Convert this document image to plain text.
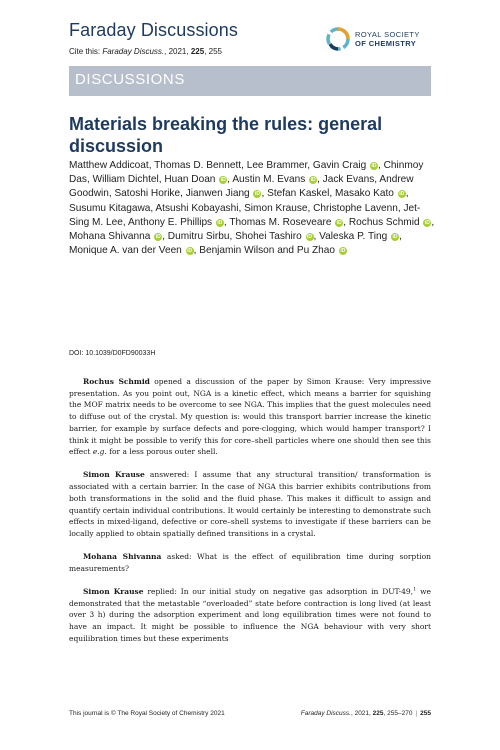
Faraday Discussions
Cite this: Faraday Discuss., 2021, 225, 255
ROYAL SOCIETY
OF CHEMISTRY
DISCUSSIONS
Materials breaking the rules: general discussion
Matthew Addicoat, Thomas D. Bennett, Lee Brammer, Gavin Craig iD , Chinmoy Das, William Dichtel, Huan Doan iD , Austin M. Evans iD , Jack Evans, Andrew Goodwin, Satoshi Horike, Jianwen Jiang iD , Stefan Kaskel, Masako Kato iD , Susumu Kitagawa, Atsushi Kobayashi, Simon Krause, Christophe Lavenn, Jet-Sing M. Lee, Anthony E. Phillips iD , Thomas M. Roseveare iD , Rochus Schmid iD , Mohana Shivanna iD , Dumitru Sirbu, Shohei Tashiro iD , Valeska P. Ting iD , Monique A. van der Veen iD , Benjamin Wilson and Pu Zhao iD
DOI: 10.1039/D0FD90033H

Rochus Schmid opened a discussion of the paper by Simon Krause: Very impressive presentation. As you point out, NGA is a kinetic effect, which means a barrier for squishing the MOF matrix needs to be overcome to see NGA. This implies that the guest molecules need to diffuse out of the crystal. My question is: would this transport barrier increase the kinetic barrier, for example by surface defects and pore-clogging, which would hamper transport? I think it might be possible to verify this for core–shell particles where one should then see this effect e.g. for a less porous outer shell.

Simon Krause answered: I assume that any structural transition/ transformation is associated with a certain barrier. In the case of NGA this barrier exhibits contributions from both transformations in the solid and the fluid phase. This makes it difficult to assign and quantify certain individual contributions. It would certainly be interesting to demonstrate such effects in mixed-ligand, defective or core–shell systems to investigate if these barriers can be locally applied to obtain spatially defined transitions in a crystal.

Mohana Shivanna asked: What is the effect of equilibration time during sorption measurements?

Simon Krause replied: In our initial study on negative gas adsorption in DUT-49,$^1$ we demonstrated that the metastable “overloaded” state before contraction is long lived (at least over 3 h) during the adsorption experiment and long equilibration times were not found to have an impact. It might be possible to influence the NGA behaviour with very short equilibration times but these experiments

This journal is © The Royal Society of Chemistry 2021	Faraday Discuss., 2021, 225, 255–270 | 255
